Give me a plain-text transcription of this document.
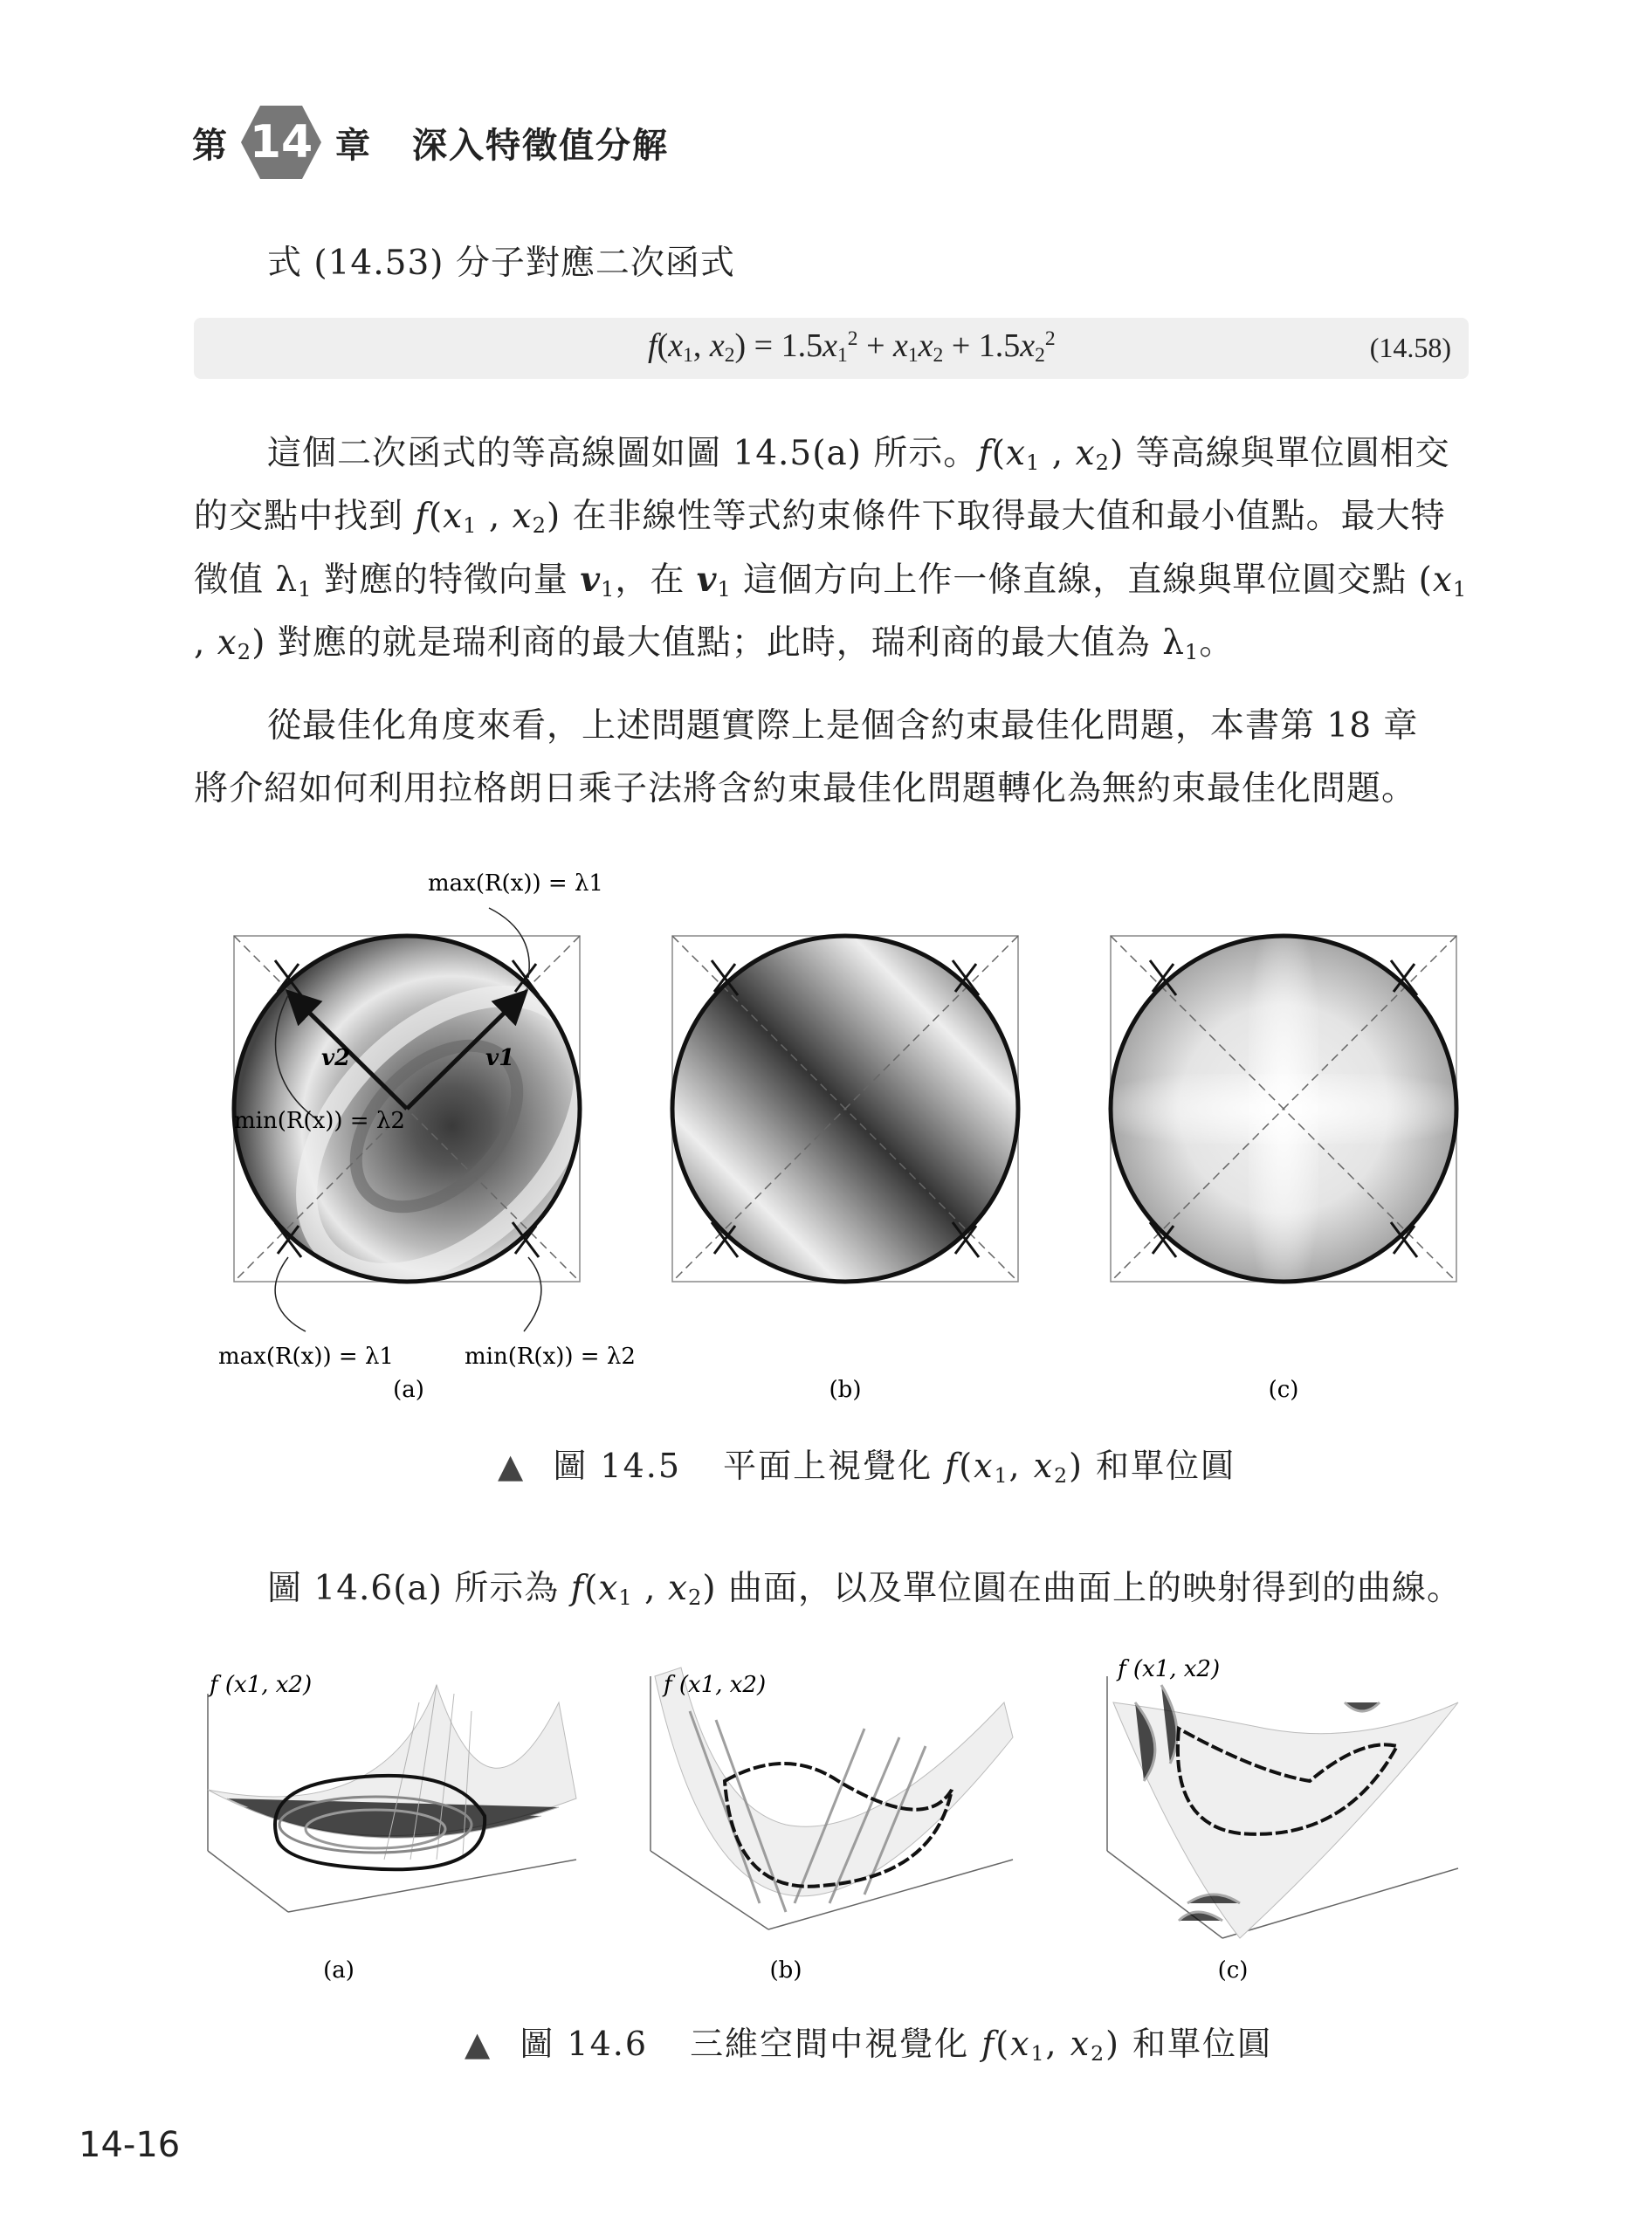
第 14 章 深入特徵值分解
式 (14.53) 分子對應二次函式
$f(x_1$, $x_2) = 1.5x_1^2 + x_1x_2 + 1.5x_2^2$	(14.58)
這個二次函式的等高線圖如圖 14.5(a) 所示。$f(x_1$ , $x_2$) 等高線與單位圓相交
的交點中找到 $f(x_1$ , $x_2$) 在非線性等式約束條件下取得最大值和最小值點。最大特
徵值 $\lambda_1$ 對應的特徵向量 $v_1$，在 $v_1$ 這個方向上作一條直線，直線與單位圓交點 ($x_1$
, $x_2$) 對應的就是瑞利商的最大值點；此時，瑞利商的最大值為 $\lambda_1$。
從最佳化角度來看，上述問題實際上是個含約束最佳化問題，本書第 18 章
將介紹如何利用拉格朗日乘子法將含約束最佳化問題轉化為無約束最佳化問題。
max(R(x)) = λ1
min(R(x)) = λ2
max(R(x)) = λ1	min(R(x)) = λ2
v2	v1
(a)	(b)	(c)
▲ 圖 14.5 平面上視覺化 $f(x_1$, $x_2$) 和單位圓
圖 14.6(a) 所示為 $f(x_1$ , $x_2$) 曲面，以及單位圓在曲面上的映射得到的曲線。
f (x1, x2)
(a)
f (x1, x2)
(b)
f (x1, x2)
(c)
▲ 圖 14.6 三維空間中視覺化 $f(x_1$, $x_2$) 和單位圓
14-16
